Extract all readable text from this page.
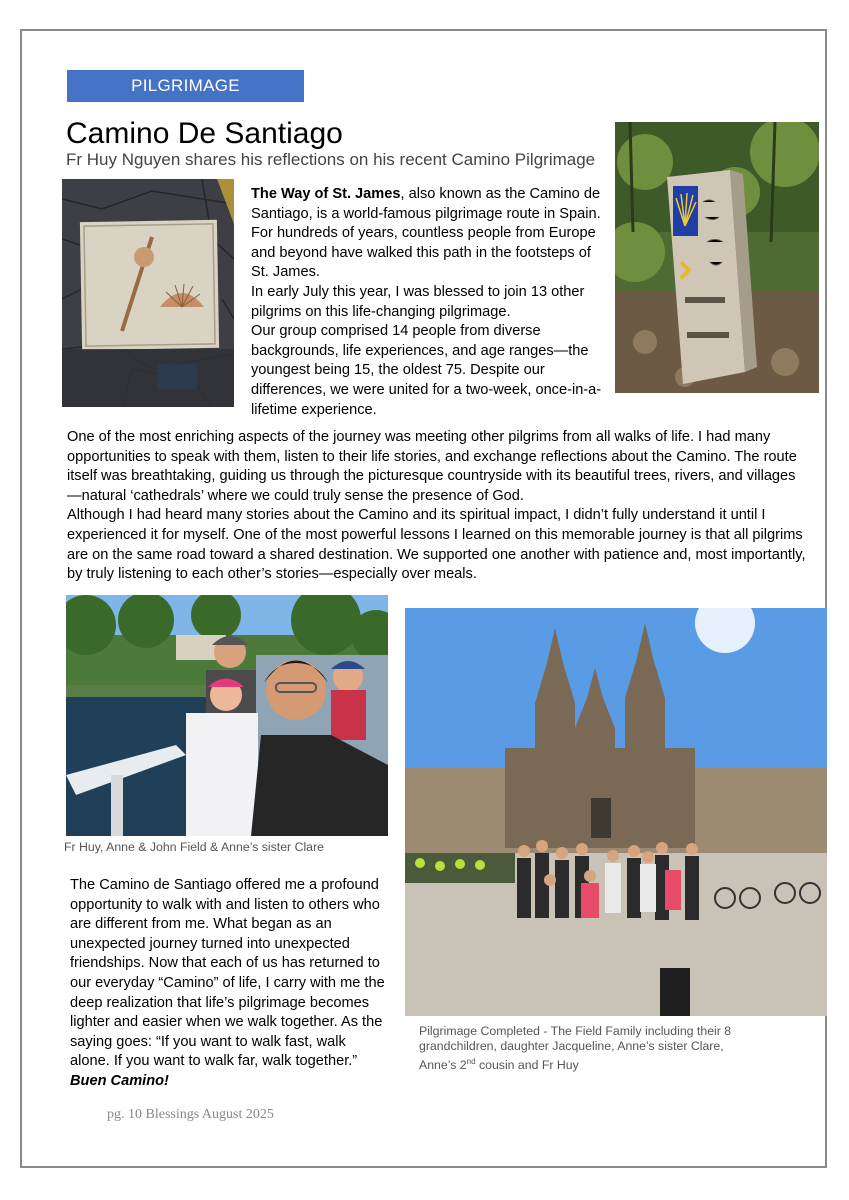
PILGRIMAGE
Camino De Santiago
Fr Huy Nguyen shares his reflections on his recent Camino Pilgrimage

The Way of St. James, also known as the Camino de Santiago, is a world-famous pilgrimage route in Spain. For hundreds of years, countless people from Europe and beyond have walked this path in the footsteps of St. James.

In early July this year, I was blessed to join 13 other pilgrims on this life-changing pilgrimage.

Our group comprised 14 people from diverse backgrounds, life experiences, and age ranges—the youngest being 15, the oldest 75. Despite our differences, we were united for a two-week, once-in-a-lifetime experience.

One of the most enriching aspects of the journey was meeting other pilgrims from all walks of life. I had many opportunities to speak with them, listen to their life stories, and exchange reflections about the Camino. The route itself was breathtaking, guiding us through the picturesque countryside with its beautiful trees, rivers, and villages—natural ‘cathedrals’ where we could truly sense the presence of God.

Although I had heard many stories about the Camino and its spiritual impact, I didn’t fully understand it until I experienced it for myself. One of the most powerful lessons I learned on this memorable journey is that all pilgrims are on the same road toward a shared destination. We supported one another with patience and, most importantly, by truly listening to each other’s stories—especially over meals.

Fr Huy, Anne & John Field & Anne’s sister Clare
Pilgrimage Completed - The Field Family including their 8 grandchildren, daughter Jacqueline, Anne’s sister Clare, Anne’s 2nd cousin and Fr Huy
The Camino de Santiago offered me a profound opportunity to walk with and listen to others who are different from me. What began as an unexpected journey turned into unexpected friendships. Now that each of us has returned to our everyday “Camino” of life, I carry with me the deep realization that life’s pilgrimage becomes lighter and easier when we walk together. As the saying goes: “If you want to walk fast, walk alone. If you want to walk far, walk together.” Buen Camino!
pg. 10 Blessings August 2025
